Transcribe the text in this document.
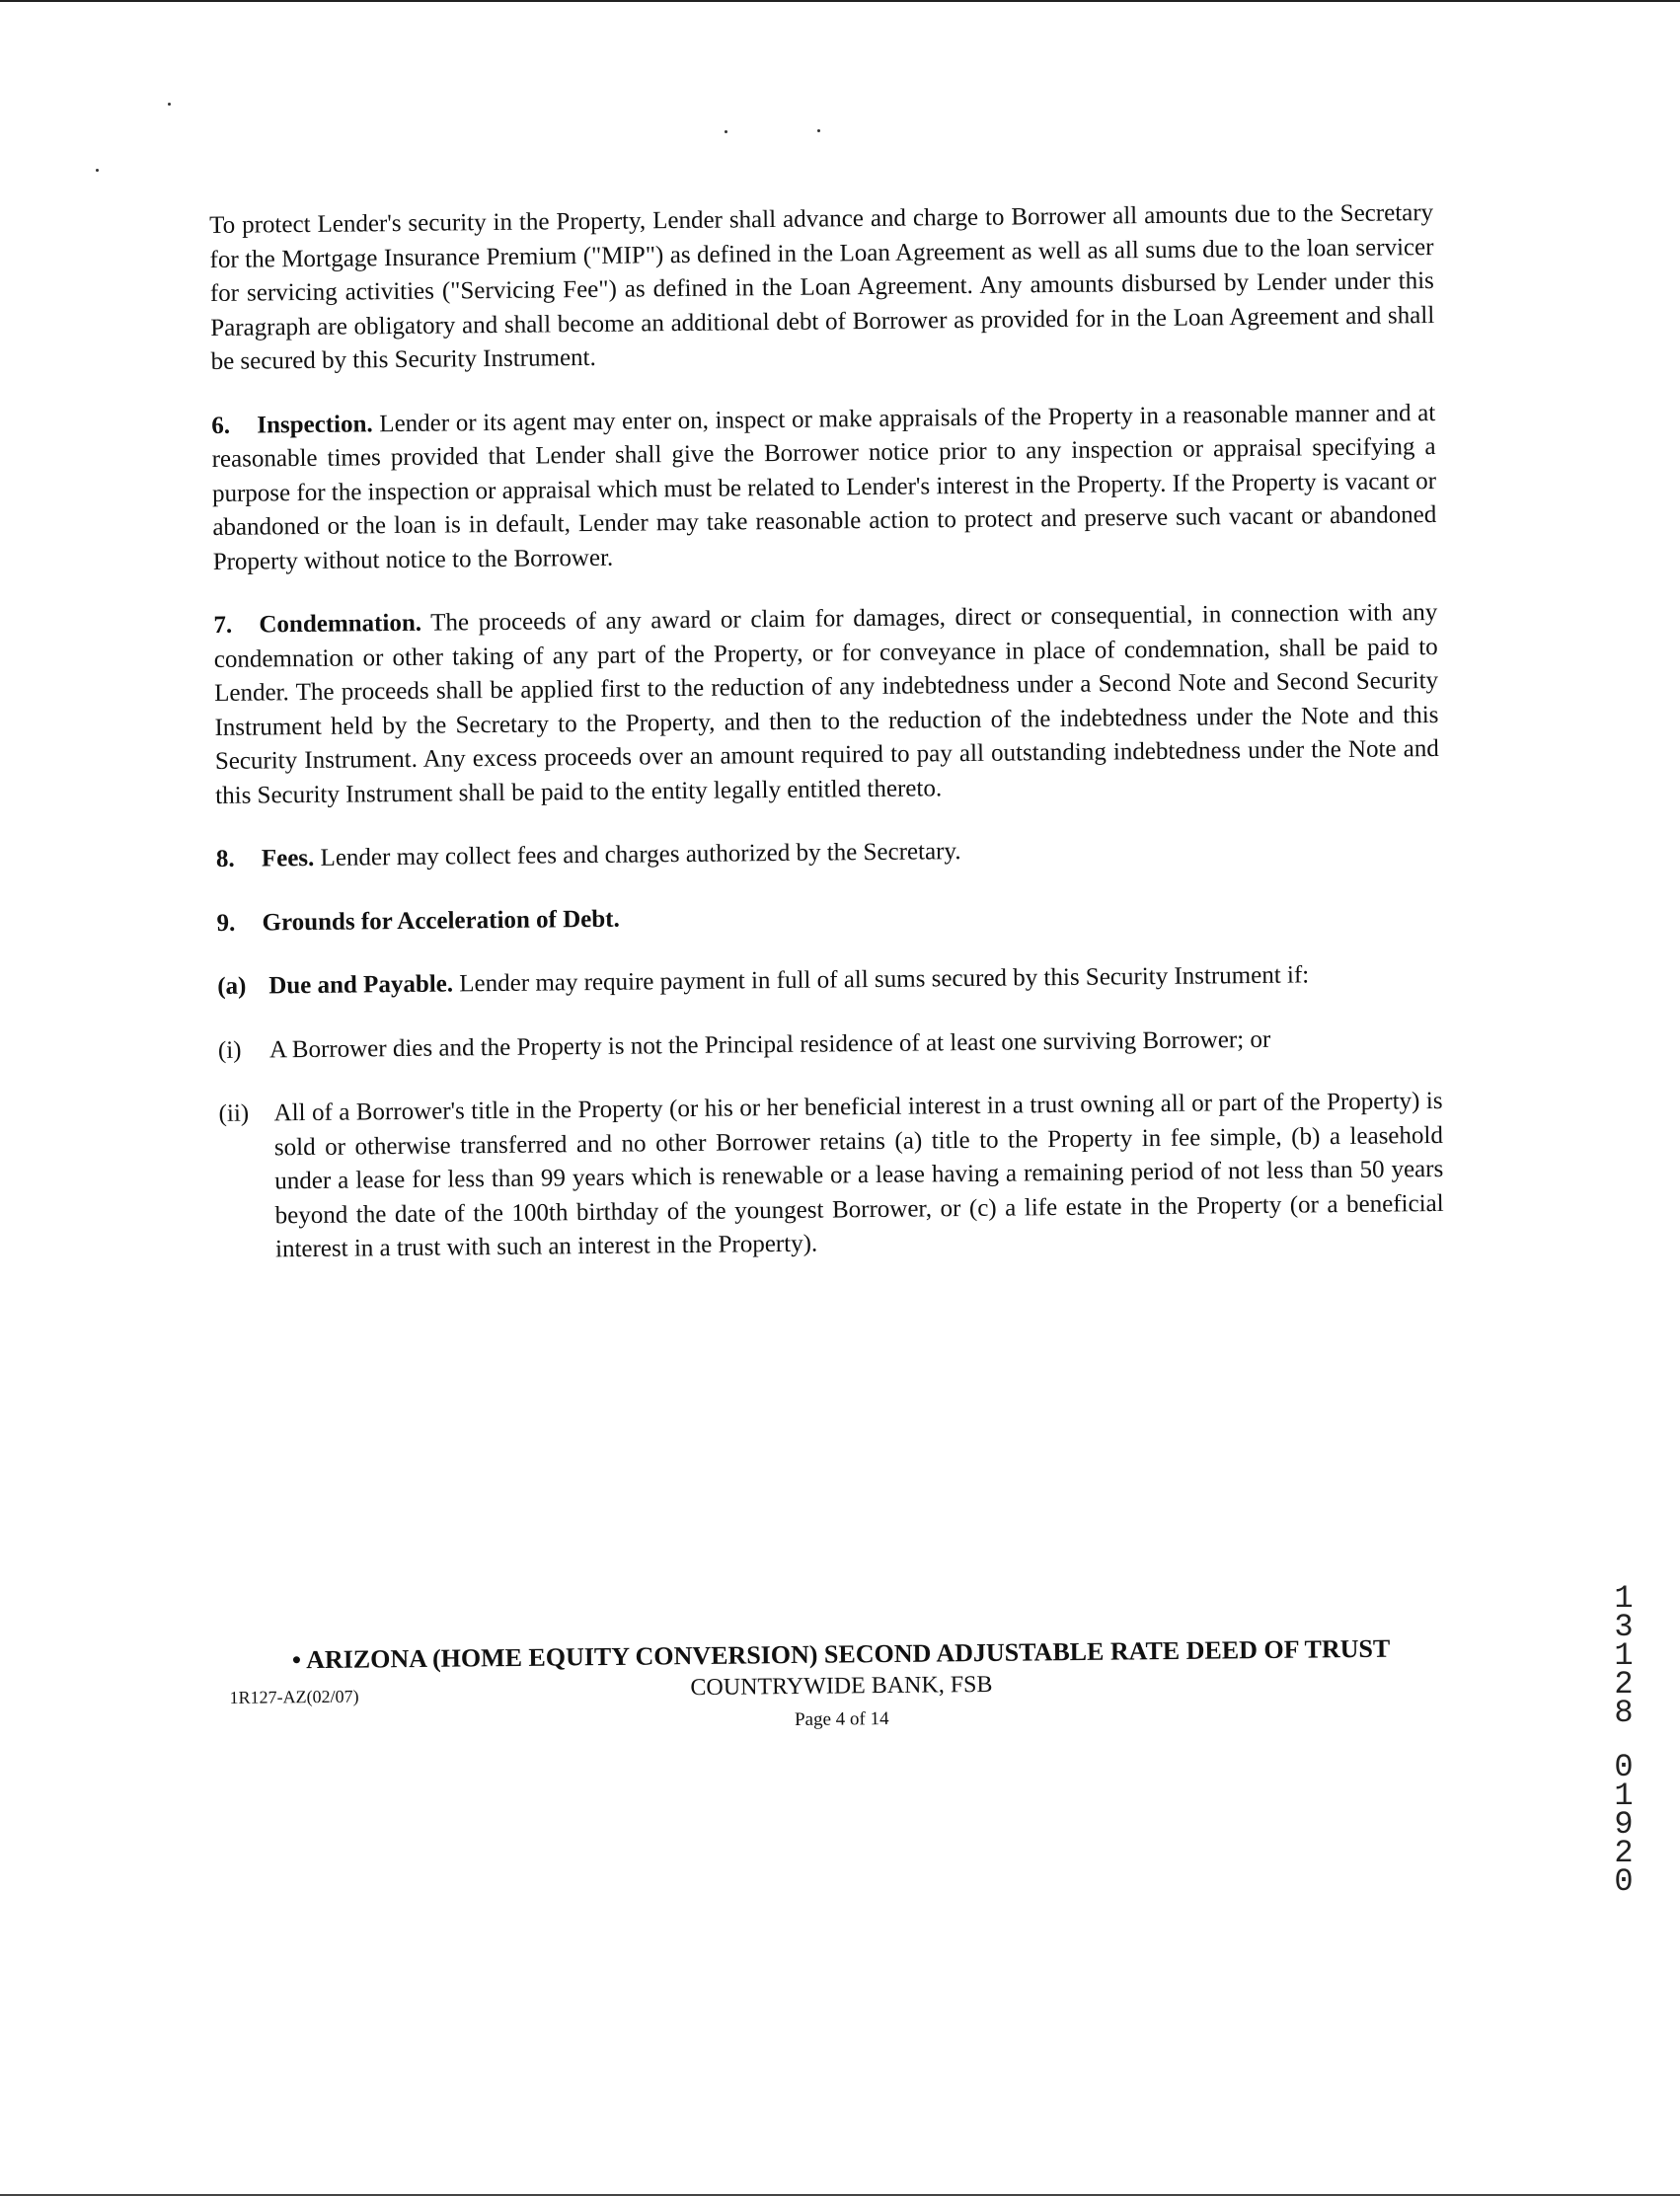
To protect Lender's security in the Property, Lender shall advance and charge to Borrower all amounts due to the Secretary for the Mortgage Insurance Premium ("MIP") as defined in the Loan Agreement as well as all sums due to the loan servicer for servicing activities ("Servicing Fee") as defined in the Loan Agreement. Any amounts disbursed by Lender under this Paragraph are obligatory and shall become an additional debt of Borrower as provided for in the Loan Agreement and shall be secured by this Security Instrument.

6. Inspection. Lender or its agent may enter on, inspect or make appraisals of the Property in a reasonable manner and at reasonable times provided that Lender shall give the Borrower notice prior to any inspection or appraisal specifying a purpose for the inspection or appraisal which must be related to Lender's interest in the Property. If the Property is vacant or abandoned or the loan is in default, Lender may take reasonable action to protect and preserve such vacant or abandoned Property without notice to the Borrower.

7. Condemnation. The proceeds of any award or claim for damages, direct or consequential, in connection with any condemnation or other taking of any part of the Property, or for conveyance in place of condemnation, shall be paid to Lender. The proceeds shall be applied first to the reduction of any indebtedness under a Second Note and Second Security Instrument held by the Secretary to the Property, and then to the reduction of the indebtedness under the Note and this Security Instrument. Any excess proceeds over an amount required to pay all outstanding indebtedness under the Note and this Security Instrument shall be paid to the entity legally entitled thereto.

8. Fees. Lender may collect fees and charges authorized by the Secretary.

9. Grounds for Acceleration of Debt.

(a) Due and Payable. Lender may require payment in full of all sums secured by this Security Instrument if:

(i) A Borrower dies and the Property is not the Principal residence of at least one surviving Borrower; or

(ii) All of a Borrower's title in the Property (or his or her beneficial interest in a trust owning all or part of the Property) is sold or otherwise transferred and no other Borrower retains (a) title to the Property in fee simple, (b) a leasehold under a lease for less than 99 years which is renewable or a lease having a remaining period of not less than 50 years beyond the date of the 100th birthday of the youngest Borrower, or (c) a life estate in the Property (or a beneficial interest in a trust with such an interest in the Property).

• ARIZONA (HOME EQUITY CONVERSION) SECOND ADJUSTABLE RATE DEED OF TRUST
1R127-AZ(02/07)	COUNTRYWIDE BANK, FSB
Page 4 of 14
1
3
1
2
8
0
1
9
2
0
